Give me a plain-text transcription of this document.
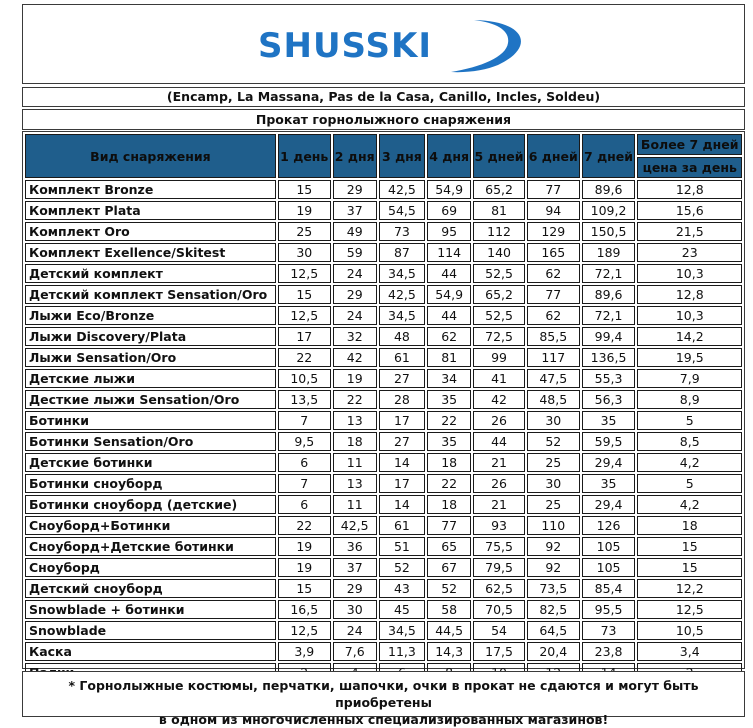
SHUSSKI
(Encamp, La Massana, Pas de la Casa, Canillo, Incles, Soldeu)
Прокат горнолыжного снаряжения
Вид снаряжения	1 день	2 дня	3 дня	4 дня	5 дней	6 дней	7 дней	Более 7 дней
								цена за день
Комплект Bronze	15	29	42,5	54,9	65,2	77	89,6	12,8
Комплект Plata	19	37	54,5	69	81	94	109,2	15,6
Комплект Oro	25	49	73	95	112	129	150,5	21,5
Комплект Exellence/Skitest	30	59	87	114	140	165	189	23
Детский комплект	12,5	24	34,5	44	52,5	62	72,1	10,3
Детский комплект Sensation/Oro	15	29	42,5	54,9	65,2	77	89,6	12,8
Лыжи Eco/Bronze	12,5	24	34,5	44	52,5	62	72,1	10,3
Лыжи Discovery/Plata	17	32	48	62	72,5	85,5	99,4	14,2
Лыжи Sensation/Oro	22	42	61	81	99	117	136,5	19,5
Детские лыжи	10,5	19	27	34	41	47,5	55,3	7,9
Десткие лыжи Sensation/Oro	13,5	22	28	35	42	48,5	56,3	8,9
Ботинки	7	13	17	22	26	30	35	5
Ботинки Sensation/Oro	9,5	18	27	35	44	52	59,5	8,5
Детские ботинки	6	11	14	18	21	25	29,4	4,2
Ботинки сноуборд	7	13	17	22	26	30	35	5
Ботинки сноуборд (детские)	6	11	14	18	21	25	29,4	4,2
Сноуборд+Ботинки	22	42,5	61	77	93	110	126	18
Сноуборд+Детские ботинки	19	36	51	65	75,5	92	105	15
Сноуборд	19	37	52	67	79,5	92	105	15
Детский сноуборд	15	29	43	52	62,5	73,5	85,4	12,2
Snowblade + ботинки	16,5	30	45	58	70,5	82,5	95,5	12,5
Snowblade	12,5	24	34,5	44,5	54	64,5	73	10,5
Каска	3,9	7,6	11,3	14,3	17,5	20,4	23,8	3,4

* Горнолыжные костюмы, перчатки, шапочки, очки в прокат не сдаются и могут быть приобретены
в одном из многочисленных специализированных магазинов!
